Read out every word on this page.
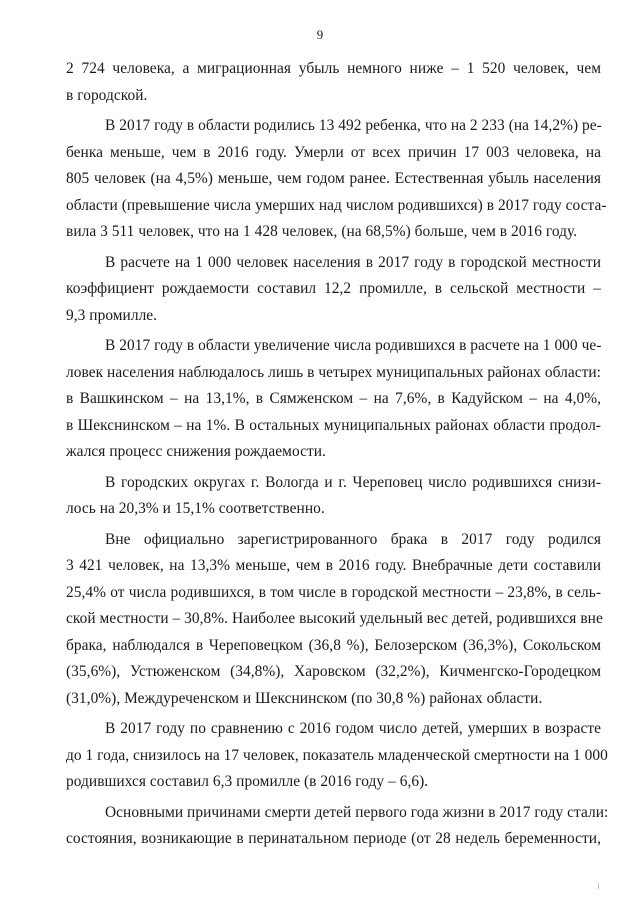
9
2 724 человека, а миграционная убыль немного ниже – 1 520 человек, чем
в городской.
В 2017 году в области родились 13 492 ребенка, что на 2 233 (на 14,2%) ре-
бенка меньше, чем в 2016 году. Умерли от всех причин 17 003 человека, на
805 человек (на 4,5%) меньше, чем годом ранее. Естественная убыль населения
области (превышение числа умерших над числом родившихся) в 2017 году соста-
вила 3 511 человек, что на 1 428 человек, (на 68,5%) больше, чем в 2016 году.
В расчете на 1 000 человек населения в 2017 году в городской местности
коэффициент рождаемости составил 12,2 промилле, в сельской местности –
9,3 промилле.
В 2017 году в области увеличение числа родившихся в расчете на 1 000 че-
ловек населения наблюдалось лишь в четырех муниципальных районах области:
в Вашкинском – на 13,1%, в Сямженском – на 7,6%, в Кадуйском – на 4,0%,
в Шекснинском – на 1%. В остальных муниципальных районах области продол-
жался процесс снижения рождаемости.
В городских округах г. Вологда и г. Череповец число родившихся снизи-
лось на 20,3% и 15,1% соответственно.
Вне официально зарегистрированного брака в 2017 году родился
3 421 человек, на 13,3% меньше, чем в 2016 году. Внебрачные дети составили
25,4% от числа родившихся, в том числе в городской местности – 23,8%, в сель-
ской местности – 30,8%. Наиболее высокий удельный вес детей, родившихся вне
брака, наблюдался в Череповецком (36,8 %), Белозерском (36,3%), Сокольском
(35,6%), Устюженском (34,8%), Харовском (32,2%), Кичменгско-Городецком
(31,0%), Междуреченском и Шекснинском (по 30,8 %) районах области.
В 2017 году по сравнению с 2016 годом число детей, умерших в возрасте
до 1 года, снизилось на 17 человек, показатель младенческой смертности на 1 000
родившихся составил 6,3 промилле (в 2016 году – 6,6).
Основными причинами смерти детей первого года жизни в 2017 году стали:
состояния, возникающие в перинатальном периоде (от 28 недель беременности,
